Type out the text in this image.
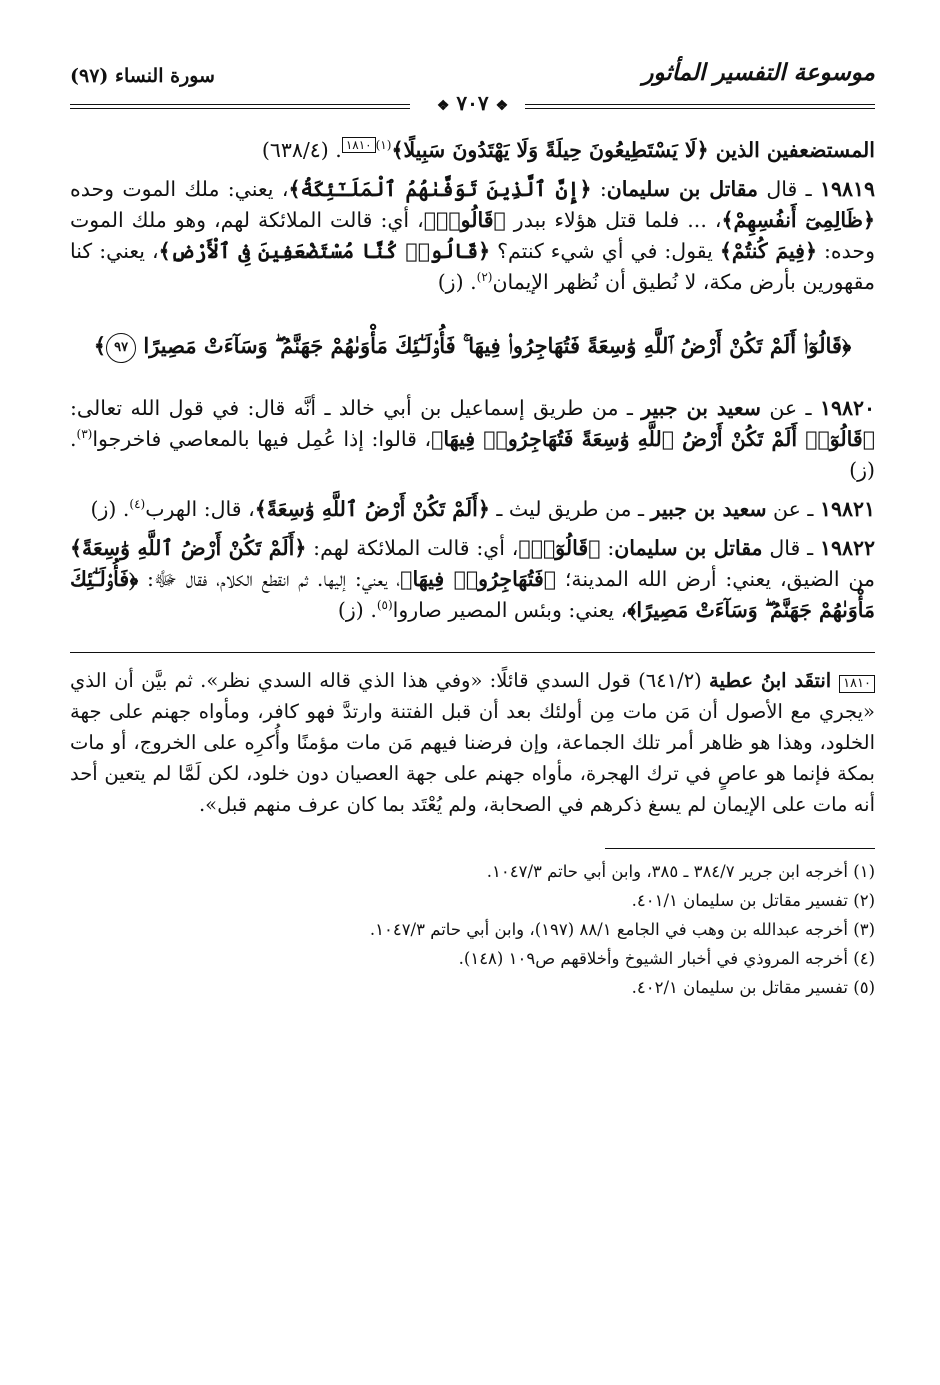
موسوعة التفسير المأثور
سورة النساء (٩٧)
❖ ٧٠٧ ❖

المستضعفين الذين ﴿لَا يَسْتَطِيعُونَ حِيلَةً وَلَا يَهْتَدُونَ سَبِيلًا﴾$^{(١)}$١٨١٠. (٦٣٨/٤)

١٩٨١٩ ـ قال مقاتل بن سليمان: ﴿إِنَّ ٱلَّذِينَ تَوَفَّىٰهُمُ ٱلْمَلَـٰٓئِكَةُ﴾، يعني: ملك الموت وحده ﴿ظَالِمِىٓ أَنفُسِهِمْ﴾، ... فلما قتل هؤلاء ببدر ﴿قَالُوا۟﴾، أي: قالت الملائكة لهم، وهو ملك الموت وحده: ﴿فِيمَ كُنتُمْ﴾ يقول: في أي شيء كنتم؟ ﴿قَالُوا۟ كُنَّا مُسْتَضْعَفِينَ فِى ٱلْأَرْضِ﴾، يعني: كنا مقهورين بأرض مكة، لا نُطيق أن نُظهر الإيمان$^{(٢)}$. (ز)

﴿قَالُوٓا۟ أَلَمْ تَكُنْ أَرْضُ ٱللَّهِ وَٰسِعَةً فَتُهَاجِرُوا۟ فِيهَا ۚ فَأُو۟لَـٰٓئِكَ مَأْوَىٰهُمْ جَهَنَّمُ ۖ وَسَآءَتْ مَصِيرًا ٩٧﴾

١٩٨٢٠ ـ عن سعيد بن جبير ـ من طريق إسماعيل بن أبي خالد ـ أنَّه قال: في قول الله تعالى: ﴿قَالُوٓا۟ أَلَمْ تَكُنْ أَرْضُ ٱللَّهِ وَٰسِعَةً فَتُهَاجِرُوا۟ فِيهَا﴾، قالوا: إذا عُمِل فيها بالمعاصي فاخرجوا$^{(٣)}$. (ز)

١٩٨٢١ ـ عن سعيد بن جبير ـ من طريق ليث ـ ﴿أَلَمْ تَكُنْ أَرْضُ ٱللَّهِ وَٰسِعَةً﴾، قال: الهرب$^{(٤)}$. (ز)

١٩٨٢٢ ـ قال مقاتل بن سليمان: ﴿قَالُوٓا۟﴾، أي: قالت الملائكة لهم: ﴿أَلَمْ تَكُنْ أَرْضُ ٱللَّهِ وَٰسِعَةً﴾ من الضيق، يعني: أرض الله المدينة؛ ﴿فَتُهَاجِرُوا۟ فِيهَا﴾، يعني: إليها. ثم انقطع الكلام، فقال ﷻ: ﴿فَأُو۟لَـٰٓئِكَ مَأْوَىٰهُمْ جَهَنَّمُ ۖ وَسَآءَتْ مَصِيرًا﴾، يعني: وبئس المصير صاروا$^{(٥)}$. (ز)

١٨١٠ انتقَد ابنُ عطية (٦٤١/٢) قول السدي قائلًا: «وفي هذا الذي قاله السدي نظر». ثم بيَّن أن الذي «يجري مع الأصول أن مَن مات مِن أولئك بعد أن قبل الفتنة وارتدَّ فهو كافر، ومأواه جهنم على جهة الخلود، وهذا هو ظاهر أمر تلك الجماعة، وإن فرضنا فيهم مَن مات مؤمنًا وأُكرِه على الخروج، أو مات بمكة فإنما هو عاصٍ في ترك الهجرة، مأواه جهنم على جهة العصيان دون خلود، لكن لَمَّا لم يتعين أحد أنه مات على الإيمان لم يسغ ذكرهم في الصحابة، ولم يُعْتَد بما كان عرف منهم قبل».
(١) أخرجه ابن جرير ٣٨٤/٧ ـ ٣٨٥، وابن أبي حاتم ١٠٤٧/٣.
(٢) تفسير مقاتل بن سليمان ٤٠١/١.
(٣) أخرجه عبدالله بن وهب في الجامع ٨٨/١ (١٩٧)، وابن أبي حاتم ١٠٤٧/٣.
(٤) أخرجه المروذي في أخبار الشيوخ وأخلاقهم ص١٠٩ (١٤٨).
(٥) تفسير مقاتل بن سليمان ٤٠٢/١.
